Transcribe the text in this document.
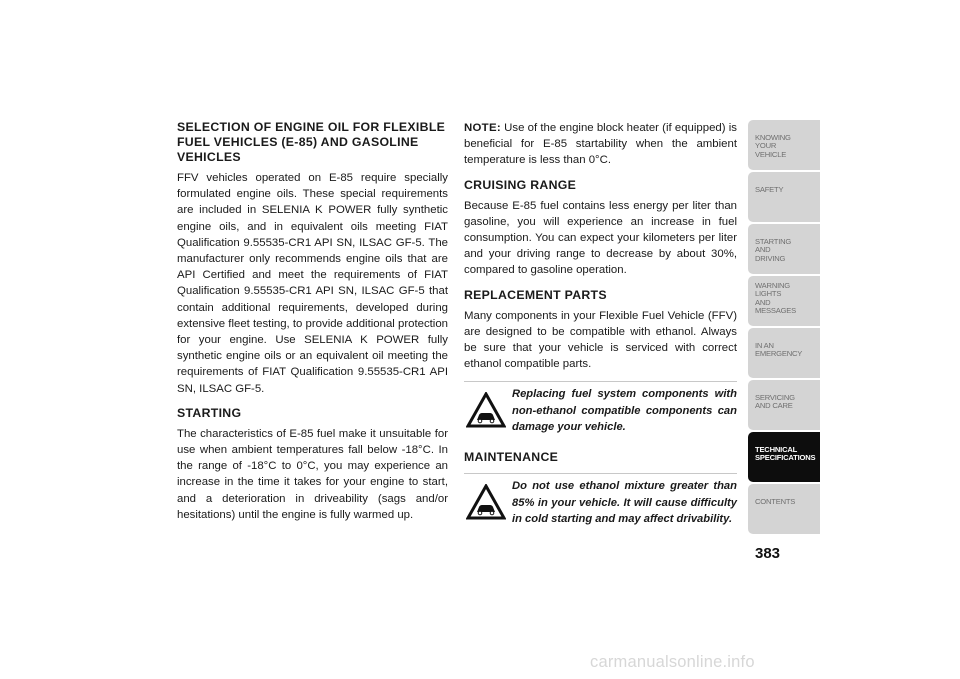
SELECTION OF ENGINE OIL FOR FLEXIBLE FUEL VEHICLES (E-85) AND GASOLINE VEHICLES

FFV vehicles operated on E-85 require specially formulated engine oils. These special requirements are included in SELENIA K POWER fully synthetic engine oils, and in equivalent oils meeting FIAT Qualification 9.55535-CR1 API SN, ILSAC GF-5. The manufacturer only recommends engine oils that are API Certified and meet the requirements of FIAT Qualification 9.55535-CR1 API SN, ILSAC GF-5 that contain additional requirements, developed during extensive fleet testing, to provide additional protection for your engine. Use SELENIA K POWER fully synthetic engine oils or an equivalent oil meeting the requirements of FIAT Qualification 9.55535-CR1 API SN, ILSAC GF-5.

STARTING

The characteristics of E-85 fuel make it unsuitable for use when ambient temperatures fall below -18°C. In the range of -18°C to 0°C, you may experience an increase in the time it takes for your engine to start, and a deterioration in driveability (sags and/or hesitations) until the engine is fully warmed up.

NOTE: Use of the engine block heater (if equipped) is beneficial for E-85 startability when the ambient temperature is less than 0°C.

CRUISING RANGE

Because E-85 fuel contains less energy per liter than gasoline, you will experience an increase in fuel consumption. You can expect your kilometers per liter and your driving range to decrease by about 30%, compared to gasoline operation.

REPLACEMENT PARTS

Many components in your Flexible Fuel Vehicle (FFV) are designed to be compatible with ethanol. Always be sure that your vehicle is serviced with correct ethanol compatible parts.

Replacing fuel system components with non-ethanol compatible components can damage your vehicle.
MAINTENANCE
Do not use ethanol mixture greater than 85% in your vehicle. It will cause difficulty in cold starting and may affect drivability.
KNOWING
YOUR
VEHICLE
SAFETY
STARTING
AND
DRIVING
WARNING
LIGHTS
AND
MESSAGES
IN AN
EMERGENCY
SERVICING
AND CARE
TECHNICAL
SPECIFICATIONS
CONTENTS
383
carmanualsonline.info
